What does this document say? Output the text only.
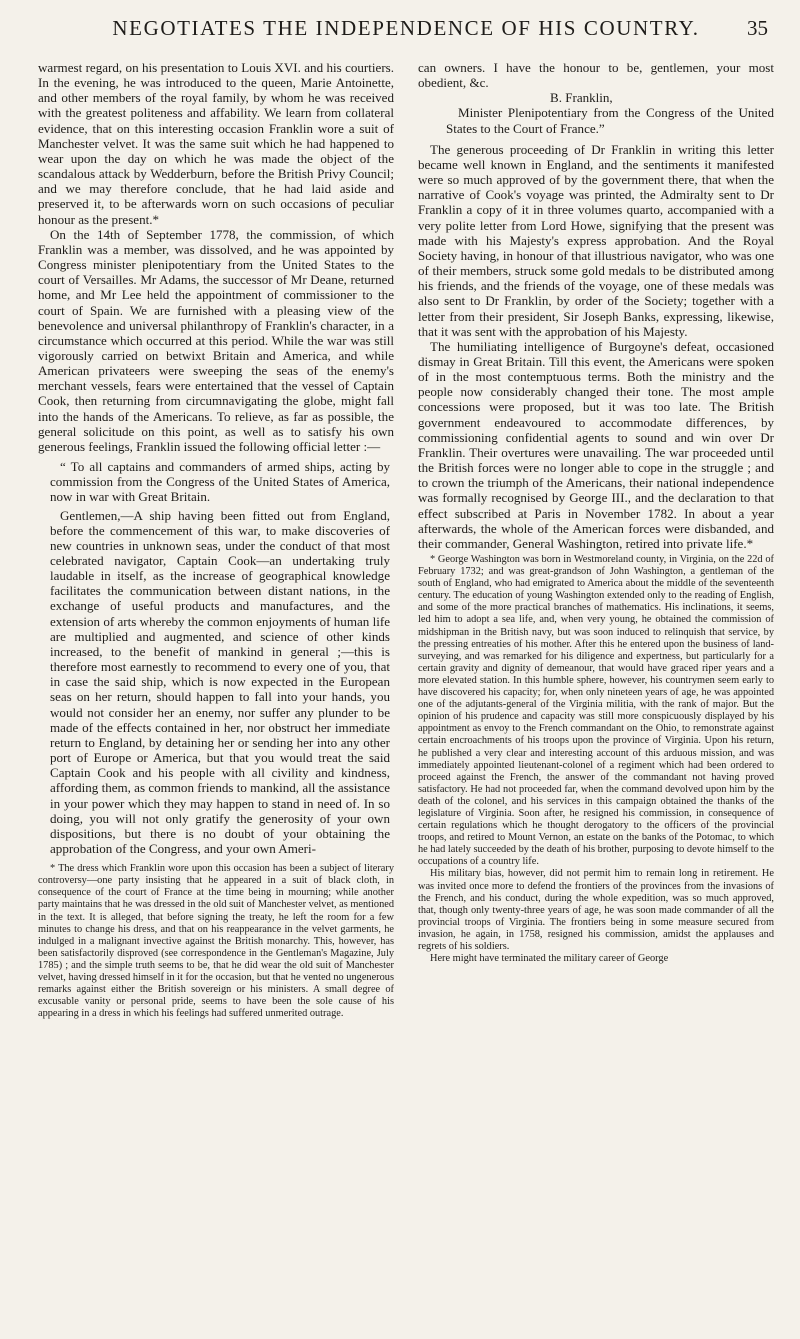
NEGOTIATES THE INDEPENDENCE OF HIS COUNTRY.	35

warmest regard, on his presentation to Louis XVI. and his courtiers. In the evening, he was introduced to the queen, Marie Antoinette, and other members of the royal family, by whom he was received with the greatest politeness and affability. We learn from collateral evidence, that on this interesting occasion Franklin wore a suit of Manchester velvet. It was the same suit which he had happened to wear upon the day on which he was made the object of the scandalous attack by Wedderburn, before the British Privy Council; and we may therefore conclude, that he had laid aside and preserved it, to be afterwards worn on such occasions of peculiar honour as the present.*

On the 14th of September 1778, the commission, of which Franklin was a member, was dissolved, and he was appointed by Congress minister plenipotentiary from the United States to the court of Versailles. Mr Adams, the successor of Mr Deane, returned home, and Mr Lee held the appointment of commissioner to the court of Spain. We are furnished with a pleasing view of the benevolence and universal philanthropy of Franklin's character, in a circumstance which occurred at this period. While the war was still vigorously carried on betwixt Britain and America, and while American privateers were sweeping the seas of the enemy's merchant vessels, fears were entertained that the vessel of Captain Cook, then returning from circumnavigating the globe, might fall into the hands of the Americans. To relieve, as far as possible, the general solicitude on this point, as well as to satisfy his own generous feelings, Franklin issued the following official letter :—

“ To all captains and commanders of armed ships, acting by commission from the Congress of the United States of America, now in war with Great Britain.

Gentlemen,—A ship having been fitted out from England, before the commencement of this war, to make discoveries of new countries in unknown seas, under the conduct of that most celebrated navigator, Captain Cook—an undertaking truly laudable in itself, as the increase of geographical knowledge facilitates the communication between distant nations, in the exchange of useful products and manufactures, and the extension of arts whereby the common enjoyments of human life are multiplied and augmented, and science of other kinds increased, to the benefit of mankind in general ;—this is therefore most earnestly to recommend to every one of you, that in case the said ship, which is now expected in the European seas on her return, should happen to fall into your hands, you would not consider her an enemy, nor suffer any plunder to be made of the effects contained in her, nor obstruct her immediate return to England, by detaining her or sending her into any other port of Europe or America, but that you would treat the said Captain Cook and his people with all civility and kindness, affording them, as common friends to mankind, all the assistance in your power which they may happen to stand in need of. In so doing, you will not only gratify the generosity of your own dispositions, but there is no doubt of your obtaining the approbation of the Congress, and your own Ameri-

* The dress which Franklin wore upon this occasion has been a subject of literary controversy—one party insisting that he appeared in a suit of black cloth, in consequence of the court of France at the time being in mourning; while another party maintains that he was dressed in the old suit of Manchester velvet, as mentioned in the text. It is alleged, that before signing the treaty, he left the room for a few minutes to change his dress, and that on his reappearance in the velvet garments, he indulged in a malignant invective against the British monarchy. This, however, has been satisfactorily disproved (see correspondence in the Gentleman's Magazine, July 1785) ; and the simple truth seems to be, that he did wear the old suit of Manchester velvet, having dressed himself in it for the occasion, but that he vented no ungenerous remarks against either the British sovereign or his ministers. A small degree of excusable vanity or personal pride, seems to have been the sole cause of his appearing in a dress in which his feelings had suffered unmerited outrage.

can owners. I have the honour to be, gentlemen, your most obedient, &c.

B. Franklin,

Minister Plenipotentiary from the Congress of the United States to the Court of France.”

The generous proceeding of Dr Franklin in writing this letter became well known in England, and the sentiments it manifested were so much approved of by the government there, that when the narrative of Cook's voyage was printed, the Admiralty sent to Dr Franklin a copy of it in three volumes quarto, accompanied with a very polite letter from Lord Howe, signifying that the present was made with his Majesty's express approbation. And the Royal Society having, in honour of that illustrious navigator, who was one of their members, struck some gold medals to be distributed among his friends, and the friends of the voyage, one of these medals was also sent to Dr Franklin, by order of the Society; together with a letter from their president, Sir Joseph Banks, expressing, likewise, that it was sent with the approbation of his Majesty.

The humiliating intelligence of Burgoyne's defeat, occasioned dismay in Great Britain. Till this event, the Americans were spoken of in the most contemptuous terms. Both the ministry and the people now considerably changed their tone. The most ample concessions were proposed, but it was too late. The British government endeavoured to accommodate differences, by commissioning confidential agents to sound and win over Dr Franklin. Their overtures were unavailing. The war proceeded until the British forces were no longer able to cope in the struggle ; and to crown the triumph of the Americans, their national independence was formally recognised by George III., and the declaration to that effect subscribed at Paris in November 1782. In about a year afterwards, the whole of the American forces were disbanded, and their commander, General Washington, retired into private life.*

* George Washington was born in Westmoreland county, in Virginia, on the 22d of February 1732; and was great-grandson of John Washington, a gentleman of the south of England, who had emigrated to America about the middle of the seventeenth century. The education of young Washington extended only to the reading of English, and some of the more practical branches of mathematics. His inclinations, it seems, led him to adopt a sea life, and, when very young, he obtained the commission of midshipman in the British navy, but was soon induced to relinquish that service, by the pressing entreaties of his mother. After this he entered upon the business of land-surveying, and was remarked for his diligence and expertness, but particularly for a certain gravity and dignity of demeanour, that would have graced riper years and a more elevated station. In this humble sphere, however, his countrymen seem early to have discovered his capacity; for, when only nineteen years of age, he was appointed one of the adjutants-general of the Virginia militia, with the rank of major. But the opinion of his prudence and capacity was still more conspicuously displayed by his appointment as envoy to the French commandant on the Ohio, to remonstrate against certain encroachments of his troops upon the province of Virginia. Upon his return, he published a very clear and interesting account of this arduous mission, and was immediately appointed lieutenant-colonel of a regiment which had been ordered to proceed against the French, the answer of the commandant not having proved satisfactory. He had not proceeded far, when the command devolved upon him by the death of the colonel, and his services in this campaign obtained the thanks of the legislature of Virginia. Soon after, he resigned his commission, in consequence of certain regulations which he thought derogatory to the officers of the provincial troops, and retired to Mount Vernon, an estate on the banks of the Potomac, to which he had lately succeeded by the death of his brother, purposing to devote himself to the occupations of a country life.

His military bias, however, did not permit him to remain long in retirement. He was invited once more to defend the frontiers of the provinces from the invasions of the French, and his conduct, during the whole expedition, was so much approved, that, though only twenty-three years of age, he was soon made commander of all the provincial troops of Virginia. The frontiers being in some measure secured from invasion, he again, in 1758, resigned his commission, amidst the applauses and regrets of his soldiers.

Here might have terminated the military career of George
